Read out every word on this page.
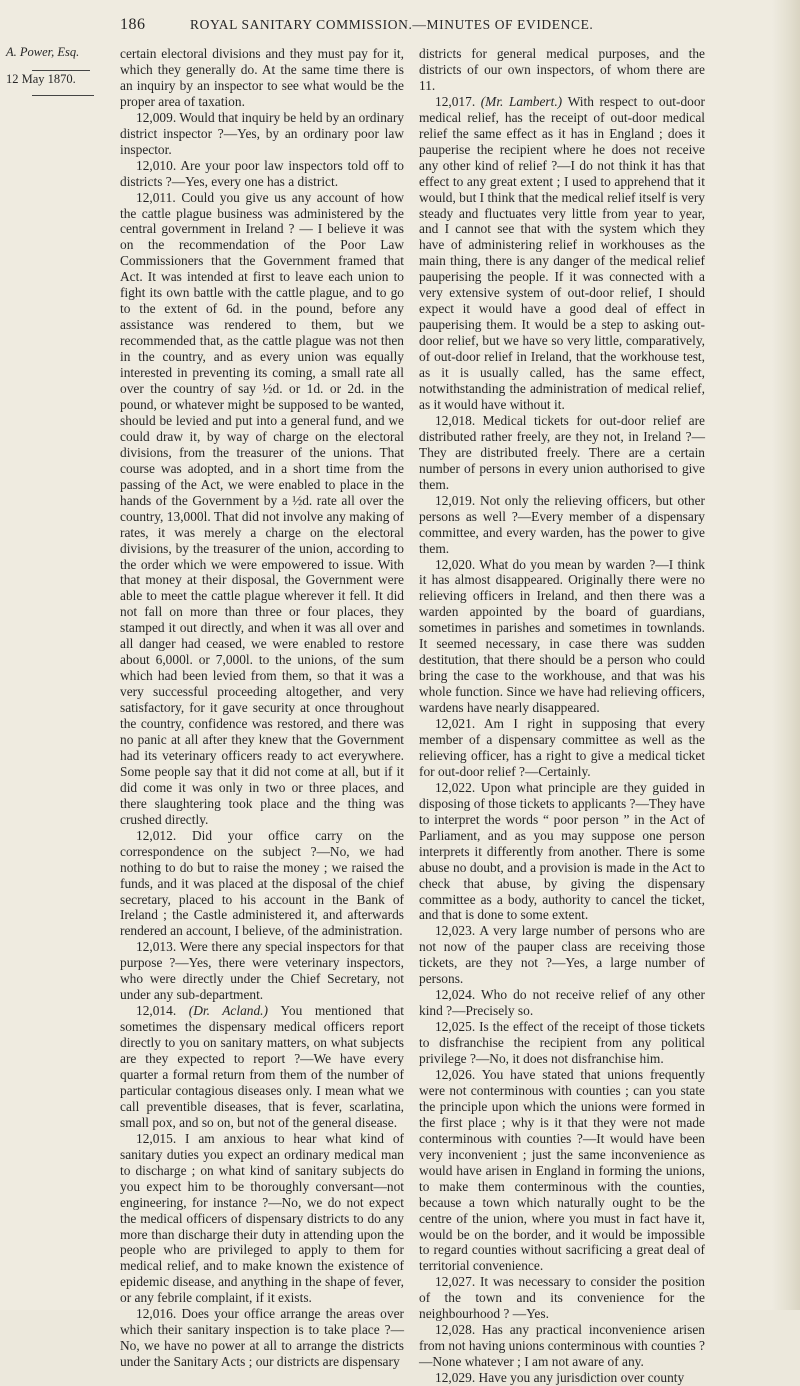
186	ROYAL SANITARY COMMISSION.—MINUTES OF EVIDENCE.
A. Power, Esq.
12 May 1870.

certain electoral divisions and they must pay for it, which they generally do. At the same time there is an inquiry by an inspector to see what would be the proper area of taxation.

12,009. Would that inquiry be held by an ordinary district inspector ?—Yes, by an ordinary poor law inspector.

12,010. Are your poor law inspectors told off to districts ?—Yes, every one has a district.

12,011. Could you give us any account of how the cattle plague business was administered by the central government in Ireland ? — I believe it was on the recommendation of the Poor Law Commissioners that the Government framed that Act. It was intended at first to leave each union to fight its own battle with the cattle plague, and to go to the extent of 6d. in the pound, before any assistance was rendered to them, but we recommended that, as the cattle plague was not then in the country, and as every union was equally interested in preventing its coming, a small rate all over the country of say ½d. or 1d. or 2d. in the pound, or whatever might be supposed to be wanted, should be levied and put into a general fund, and we could draw it, by way of charge on the electoral divisions, from the treasurer of the unions. That course was adopted, and in a short time from the passing of the Act, we were enabled to place in the hands of the Government by a ½d. rate all over the country, 13,000l. That did not involve any making of rates, it was merely a charge on the electoral divisions, by the treasurer of the union, according to the order which we were empowered to issue. With that money at their disposal, the Government were able to meet the cattle plague wherever it fell. It did not fall on more than three or four places, they stamped it out directly, and when it was all over and all danger had ceased, we were enabled to restore about 6,000l. or 7,000l. to the unions, of the sum which had been levied from them, so that it was a very successful proceeding altogether, and very satisfactory, for it gave security at once throughout the country, confidence was restored, and there was no panic at all after they knew that the Government had its veterinary officers ready to act everywhere. Some people say that it did not come at all, but if it did come it was only in two or three places, and there slaughtering took place and the thing was crushed directly.

12,012. Did your office carry on the correspondence on the subject ?—No, we had nothing to do but to raise the money ; we raised the funds, and it was placed at the disposal of the chief secretary, placed to his account in the Bank of Ireland ; the Castle administered it, and afterwards rendered an account, I believe, of the administration.

12,013. Were there any special inspectors for that purpose ?—Yes, there were veterinary inspectors, who were directly under the Chief Secretary, not under any sub-department.

12,014. (Dr. Acland.) You mentioned that sometimes the dispensary medical officers report directly to you on sanitary matters, on what subjects are they expected to report ?—We have every quarter a formal return from them of the number of particular contagious diseases only. I mean what we call preventible diseases, that is fever, scarlatina, small pox, and so on, but not of the general disease.

12,015. I am anxious to hear what kind of sanitary duties you expect an ordinary medical man to discharge ; on what kind of sanitary subjects do you expect him to be thoroughly conversant—not engineering, for instance ?—No, we do not expect the medical officers of dispensary districts to do any more than discharge their duty in attending upon the people who are privileged to apply to them for medical relief, and to make known the existence of epidemic disease, and anything in the shape of fever, or any febrile complaint, if it exists.

12,016. Does your office arrange the areas over which their sanitary inspection is to take place ?—No, we have no power at all to arrange the districts under the Sanitary Acts ; our districts are dispensary

districts for general medical purposes, and the districts of our own inspectors, of whom there are 11.

12,017. (Mr. Lambert.) With respect to out-door medical relief, has the receipt of out-door medical relief the same effect as it has in England ; does it pauperise the recipient where he does not receive any other kind of relief ?—I do not think it has that effect to any great extent ; I used to apprehend that it would, but I think that the medical relief itself is very steady and fluctuates very little from year to year, and I cannot see that with the system which they have of administering relief in workhouses as the main thing, there is any danger of the medical relief pauperising the people. If it was connected with a very extensive system of out-door relief, I should expect it would have a good deal of effect in pauperising them. It would be a step to asking out-door relief, but we have so very little, comparatively, of out-door relief in Ireland, that the workhouse test, as it is usually called, has the same effect, notwithstanding the administration of medical relief, as it would have without it.

12,018. Medical tickets for out-door relief are distributed rather freely, are they not, in Ireland ?—They are distributed freely. There are a certain number of persons in every union authorised to give them.

12,019. Not only the relieving officers, but other persons as well ?—Every member of a dispensary committee, and every warden, has the power to give them.

12,020. What do you mean by warden ?—I think it has almost disappeared. Originally there were no relieving officers in Ireland, and then there was a warden appointed by the board of guardians, sometimes in parishes and sometimes in townlands. It seemed necessary, in case there was sudden destitution, that there should be a person who could bring the case to the workhouse, and that was his whole function. Since we have had relieving officers, wardens have nearly disappeared.

12,021. Am I right in supposing that every member of a dispensary committee as well as the relieving officer, has a right to give a medical ticket for out-door relief ?—Certainly.

12,022. Upon what principle are they guided in disposing of those tickets to applicants ?—They have to interpret the words “ poor person ” in the Act of Parliament, and as you may suppose one person interprets it differently from another. There is some abuse no doubt, and a provision is made in the Act to check that abuse, by giving the dispensary committee as a body, authority to cancel the ticket, and that is done to some extent.

12,023. A very large number of persons who are not now of the pauper class are receiving those tickets, are they not ?—Yes, a large number of persons.

12,024. Who do not receive relief of any other kind ?—Precisely so.

12,025. Is the effect of the receipt of those tickets to disfranchise the recipient from any political privilege ?—No, it does not disfranchise him.

12,026. You have stated that unions frequently were not conterminous with counties ; can you state the principle upon which the unions were formed in the first place ; why is it that they were not made conterminous with counties ?—It would have been very inconvenient ; just the same inconvenience as would have arisen in England in forming the unions, to make them conterminous with the counties, because a town which naturally ought to be the centre of the union, where you must in fact have it, would be on the border, and it would be impossible to regard counties without sacrificing a great deal of territorial convenience.

12,027. It was necessary to consider the position of the town and its convenience for the neighbourhood ? —Yes.

12,028. Has any practical inconvenience arisen from not having unions conterminous with counties ?—None whatever ; I am not aware of any.

12,029. Have you any jurisdiction over county
